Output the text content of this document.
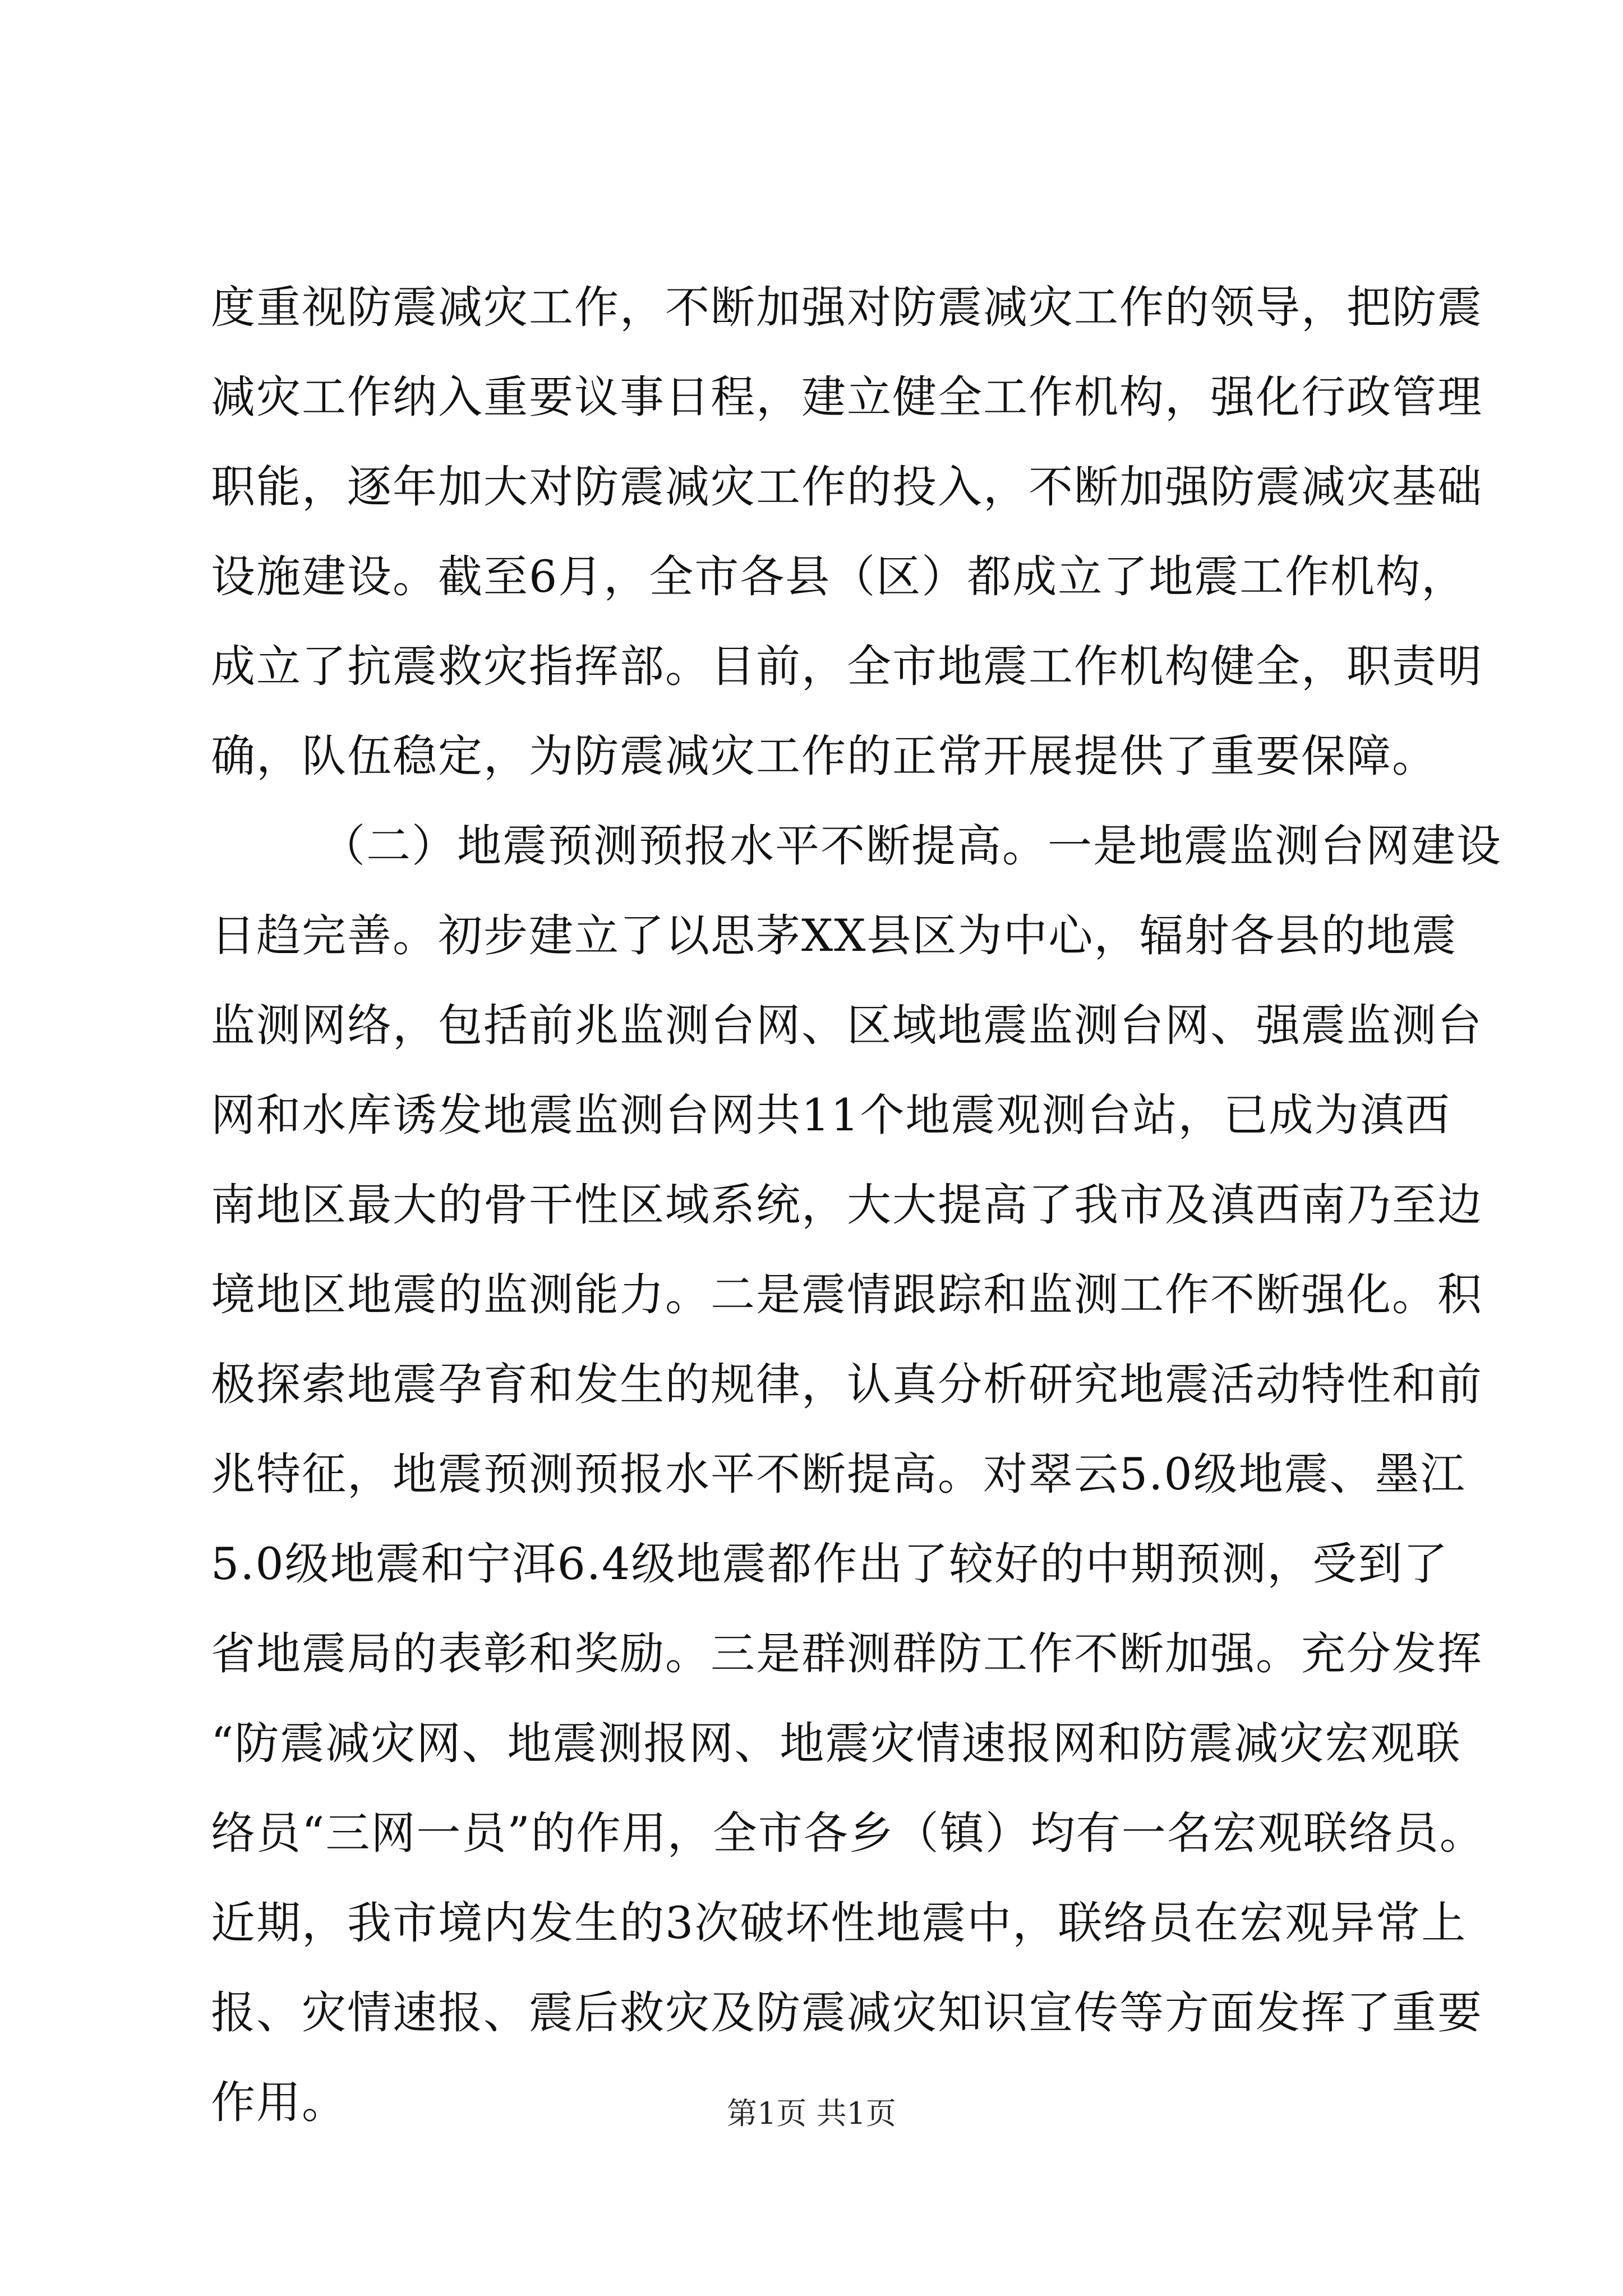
度重视防震减灾工作，不断加强对防震减灾工作的领导，把防震
减灾工作纳入重要议事日程，建立健全工作机构，强化行政管理
职能，逐年加大对防震减灾工作的投入，不断加强防震减灾基础
设施建设。截至6月，全市各县（区）都成立了地震工作机构，
成立了抗震救灾指挥部。目前，全市地震工作机构健全，职责明
确，队伍稳定，为防震减灾工作的正常开展提供了重要保障。
（二）地震预测预报水平不断提高。一是地震监测台网建设
日趋完善。初步建立了以思茅XX县区为中心，辐射各县的地震
监测网络，包括前兆监测台网、区域地震监测台网、强震监测台
网和水库诱发地震监测台网共11个地震观测台站，已成为滇西
南地区最大的骨干性区域系统，大大提高了我市及滇西南乃至边
境地区地震的监测能力。二是震情跟踪和监测工作不断强化。积
极探索地震孕育和发生的规律，认真分析研究地震活动特性和前
兆特征，地震预测预报水平不断提高。对翠云5.0级地震、墨江
5.0级地震和宁洱6.4级地震都作出了较好的中期预测，受到了
省地震局的表彰和奖励。三是群测群防工作不断加强。充分发挥
“防震减灾网、地震测报网、地震灾情速报网和防震减灾宏观联
络员“三网一员”的作用，全市各乡（镇）均有一名宏观联络员。
近期，我市境内发生的3次破坏性地震中，联络员在宏观异常上
报、灾情速报、震后救灾及防震减灾知识宣传等方面发挥了重要
作用。	第1页 共1页
